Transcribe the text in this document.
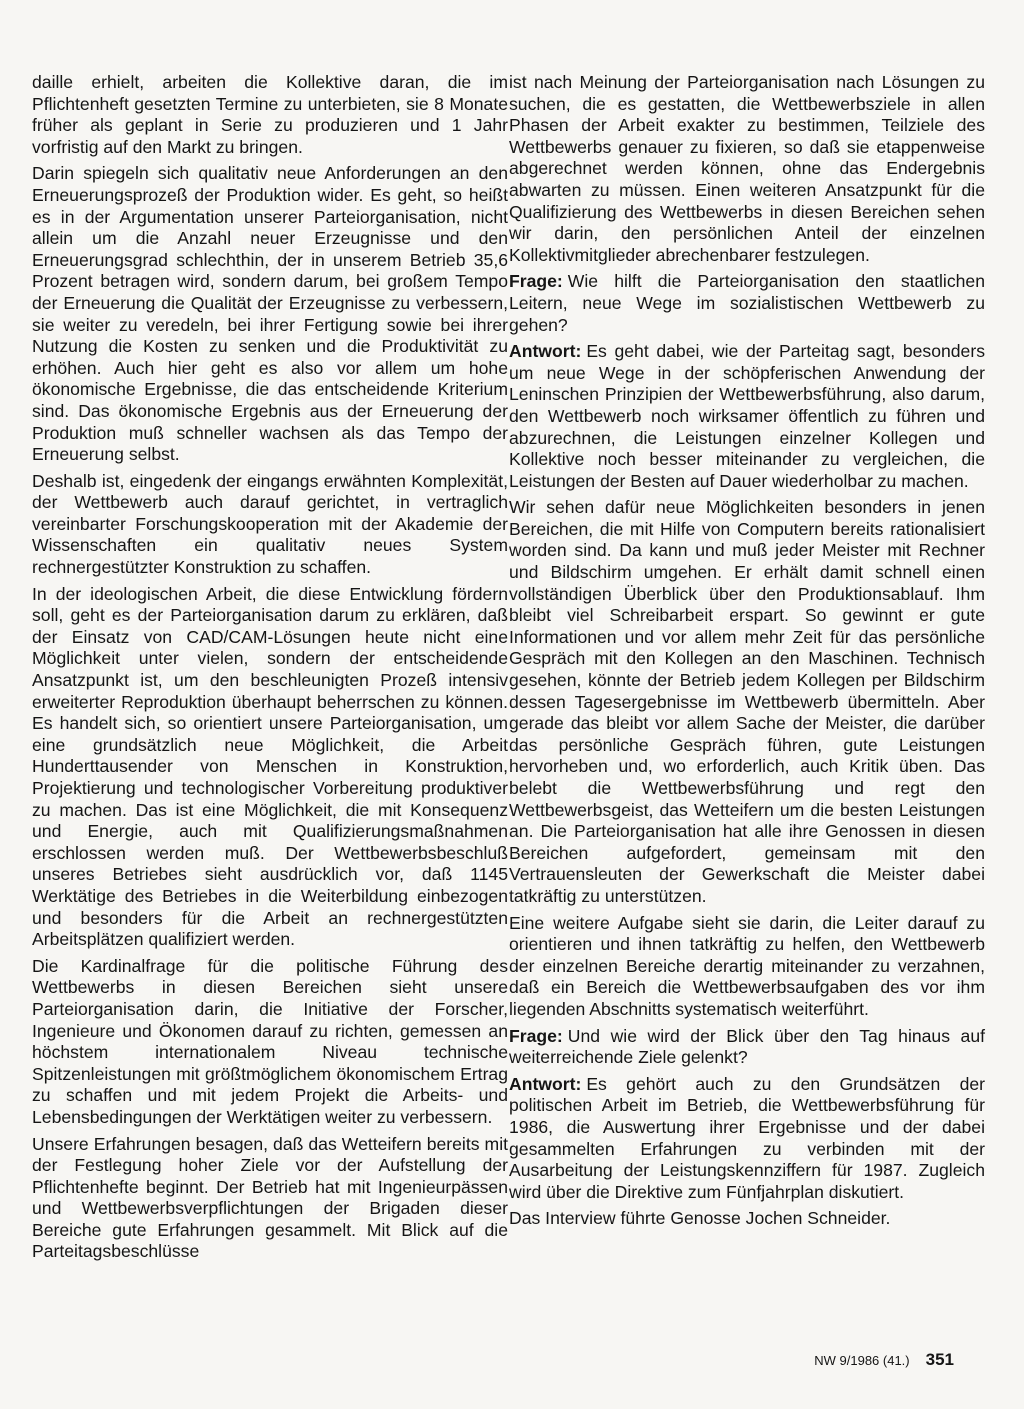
daille erhielt, arbeiten die Kollektive daran, die im Pflichtenheft gesetzten Termine zu unterbieten, sie 8 Monate früher als geplant in Serie zu produzieren und 1 Jahr vorfristig auf den Markt zu bringen.

Darin spiegeln sich qualitativ neue Anforderungen an den Erneuerungsprozeß der Produktion wider. Es geht, so heißt es in der Argumentation unserer Parteiorganisation, nicht allein um die Anzahl neuer Erzeugnisse und den Erneuerungsgrad schlechthin, der in unserem Betrieb 35,6 Prozent betragen wird, sondern darum, bei großem Tempo der Erneuerung die Qualität der Erzeugnisse zu verbessern, sie weiter zu veredeln, bei ihrer Fertigung sowie bei ihrer Nutzung die Kosten zu senken und die Produktivität zu erhöhen. Auch hier geht es also vor allem um hohe ökonomische Ergebnisse, die das entscheidende Kriterium sind. Das ökonomische Ergebnis aus der Erneuerung der Produktion muß schneller wachsen als das Tempo der Erneuerung selbst.

Deshalb ist, eingedenk der eingangs erwähnten Komplexität, der Wettbewerb auch darauf gerichtet, in vertraglich vereinbarter Forschungskooperation mit der Akademie der Wissenschaften ein qualitativ neues System rechnergestützter Konstruktion zu schaffen.

In der ideologischen Arbeit, die diese Entwicklung fördern soll, geht es der Parteiorganisation darum zu erklären, daß der Einsatz von CAD/CAM-Lösungen heute nicht eine Möglichkeit unter vielen, sondern der entscheidende Ansatzpunkt ist, um den beschleunigten Prozeß intensiv erweiterter Reproduktion überhaupt beherrschen zu können. Es handelt sich, so orientiert unsere Parteiorganisation, um eine grundsätzlich neue Möglichkeit, die Arbeit Hunderttausender von Menschen in Konstruktion, Projektierung und technologischer Vorbereitung produktiver zu machen. Das ist eine Möglichkeit, die mit Konsequenz und Energie, auch mit Qualifizierungsmaßnahmen erschlossen werden muß. Der Wettbewerbsbeschluß unseres Betriebes sieht ausdrücklich vor, daß 1145 Werktätige des Betriebes in die Weiterbildung einbezogen und besonders für die Arbeit an rechnergestützten Arbeitsplätzen qualifiziert werden.

Die Kardinalfrage für die politische Führung des Wettbewerbs in diesen Bereichen sieht unsere Parteiorganisation darin, die Initiative der Forscher, Ingenieure und Ökonomen darauf zu richten, gemessen an höchstem internationalem Niveau technische Spitzenleistungen mit größtmöglichem ökonomischem Ertrag zu schaffen und mit jedem Projekt die Arbeits- und Lebensbedingungen der Werktätigen weiter zu verbessern.

Unsere Erfahrungen besagen, daß das Wetteifern bereits mit der Festlegung hoher Ziele vor der Aufstellung der Pflichtenhefte beginnt. Der Betrieb hat mit Ingenieurpässen und Wettbewerbsverpflichtungen der Brigaden dieser Bereiche gute Erfahrungen gesammelt. Mit Blick auf die Parteitagsbeschlüsse

ist nach Meinung der Parteiorganisation nach Lösungen zu suchen, die es gestatten, die Wettbewerbsziele in allen Phasen der Arbeit exakter zu bestimmen, Teilziele des Wettbewerbs genauer zu fixieren, so daß sie etappenweise abgerechnet werden können, ohne das Endergebnis abwarten zu müssen. Einen weiteren Ansatzpunkt für die Qualifizierung des Wettbewerbs in diesen Bereichen sehen wir darin, den persönlichen Anteil der einzelnen Kollektivmitglieder abrechenbarer festzulegen.

Frage: Wie hilft die Parteiorganisation den staatlichen Leitern, neue Wege im sozialistischen Wettbewerb zu gehen?

Antwort: Es geht dabei, wie der Parteitag sagt, besonders um neue Wege in der schöpferischen Anwendung der Leninschen Prinzipien der Wettbewerbsführung, also darum, den Wettbewerb noch wirksamer öffentlich zu führen und abzurechnen, die Leistungen einzelner Kollegen und Kollektive noch besser miteinander zu vergleichen, die Leistungen der Besten auf Dauer wiederholbar zu machen.

Wir sehen dafür neue Möglichkeiten besonders in jenen Bereichen, die mit Hilfe von Computern bereits rationalisiert worden sind. Da kann und muß jeder Meister mit Rechner und Bildschirm umgehen. Er erhält damit schnell einen vollständigen Überblick über den Produktionsablauf. Ihm bleibt viel Schreibarbeit erspart. So gewinnt er gute Informationen und vor allem mehr Zeit für das persönliche Gespräch mit den Kollegen an den Maschinen. Technisch gesehen, könnte der Betrieb jedem Kollegen per Bildschirm dessen Tagesergebnisse im Wettbewerb übermitteln. Aber gerade das bleibt vor allem Sache der Meister, die darüber das persönliche Gespräch führen, gute Leistungen hervorheben und, wo erforderlich, auch Kritik üben. Das belebt die Wettbewerbsführung und regt den Wettbewerbsgeist, das Wetteifern um die besten Leistungen an. Die Parteiorganisation hat alle ihre Genossen in diesen Bereichen aufgefordert, gemeinsam mit den Vertrauensleuten der Gewerkschaft die Meister dabei tatkräftig zu unterstützen.

Eine weitere Aufgabe sieht sie darin, die Leiter darauf zu orientieren und ihnen tatkräftig zu helfen, den Wettbewerb der einzelnen Bereiche derartig miteinander zu verzahnen, daß ein Bereich die Wettbewerbsaufgaben des vor ihm liegenden Abschnitts systematisch weiterführt.

Frage: Und wie wird der Blick über den Tag hinaus auf weiterreichende Ziele gelenkt?

Antwort: Es gehört auch zu den Grundsätzen der politischen Arbeit im Betrieb, die Wettbewerbsführung für 1986, die Auswertung ihrer Ergebnisse und der dabei gesammelten Erfahrungen zu verbinden mit der Ausarbeitung der Leistungskennziffern für 1987. Zugleich wird über die Direktive zum Fünfjahrplan diskutiert.

Das Interview führte Genosse Jochen Schneider.

NW 9/1986 (41.) 351
